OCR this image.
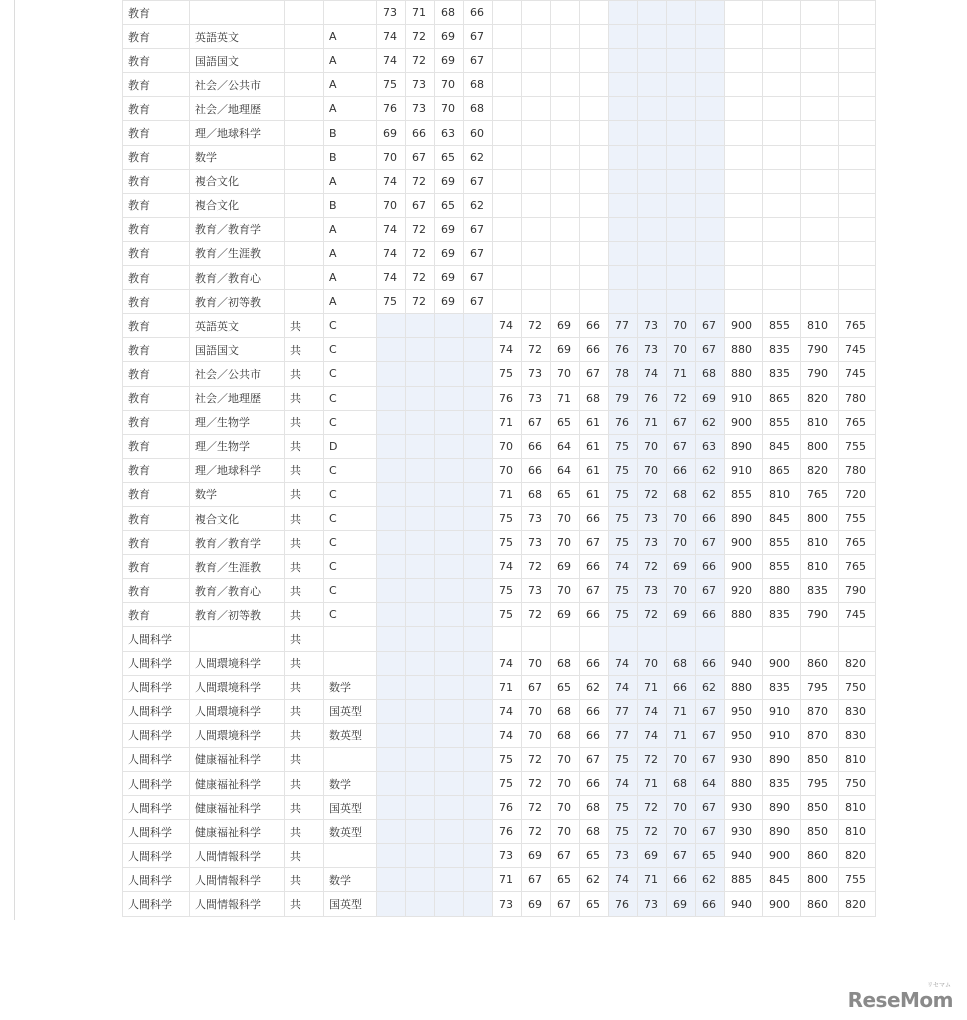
教育				73	71	68	66												
教育	英語英文		A	74	72	69	67												
教育	国語国文		A	74	72	69	67												
教育	社会／公共市		A	75	73	70	68												
教育	社会／地理歴		A	76	73	70	68												
教育	理／地球科学		B	69	66	63	60												
教育	数学		B	70	67	65	62												
教育	複合文化		A	74	72	69	67												
教育	複合文化		B	70	67	65	62												
教育	教育／教育学		A	74	72	69	67												
教育	教育／生涯教		A	74	72	69	67												
教育	教育／教育心		A	74	72	69	67												
教育	教育／初等教		A	75	72	69	67												
教育	英語英文	共	C					74	72	69	66	77	73	70	67	900	855	810	765
教育	国語国文	共	C					74	72	69	66	76	73	70	67	880	835	790	745
教育	社会／公共市	共	C					75	73	70	67	78	74	71	68	880	835	790	745
教育	社会／地理歴	共	C					76	73	71	68	79	76	72	69	910	865	820	780
教育	理／生物学	共	C					71	67	65	61	76	71	67	62	900	855	810	765
教育	理／生物学	共	D					70	66	64	61	75	70	67	63	890	845	800	755
教育	理／地球科学	共	C					70	66	64	61	75	70	66	62	910	865	820	780
教育	数学	共	C					71	68	65	61	75	72	68	62	855	810	765	720
教育	複合文化	共	C					75	73	70	66	75	73	70	66	890	845	800	755
教育	教育／教育学	共	C					75	73	70	67	75	73	70	67	900	855	810	765
教育	教育／生涯教	共	C					74	72	69	66	74	72	69	66	900	855	810	765
教育	教育／教育心	共	C					75	73	70	67	75	73	70	67	920	880	835	790
教育	教育／初等教	共	C					75	72	69	66	75	72	69	66	880	835	790	745
人間科学		共																	
人間科学	人間環境科学	共						74	70	68	66	74	70	68	66	940	900	860	820
人間科学	人間環境科学	共	数学					71	67	65	62	74	71	66	62	880	835	795	750
人間科学	人間環境科学	共	国英型					74	70	68	66	77	74	71	67	950	910	870	830
人間科学	人間環境科学	共	数英型					74	70	68	66	77	74	71	67	950	910	870	830
人間科学	健康福祉科学	共						75	72	70	67	75	72	70	67	930	890	850	810
人間科学	健康福祉科学	共	数学					75	72	70	66	74	71	68	64	880	835	795	750
人間科学	健康福祉科学	共	国英型					76	72	70	68	75	72	70	67	930	890	850	810
人間科学	健康福祉科学	共	数英型					76	72	70	68	75	72	70	67	930	890	850	810
人間科学	人間情報科学	共						73	69	67	65	73	69	67	65	940	900	860	820
人間科学	人間情報科学	共	数学					71	67	65	62	74	71	66	62	885	845	800	755
人間科学	人間情報科学	共	国英型					73	69	67	65	76	73	69	66	940	900	860	820
リセマム
ReseMom
